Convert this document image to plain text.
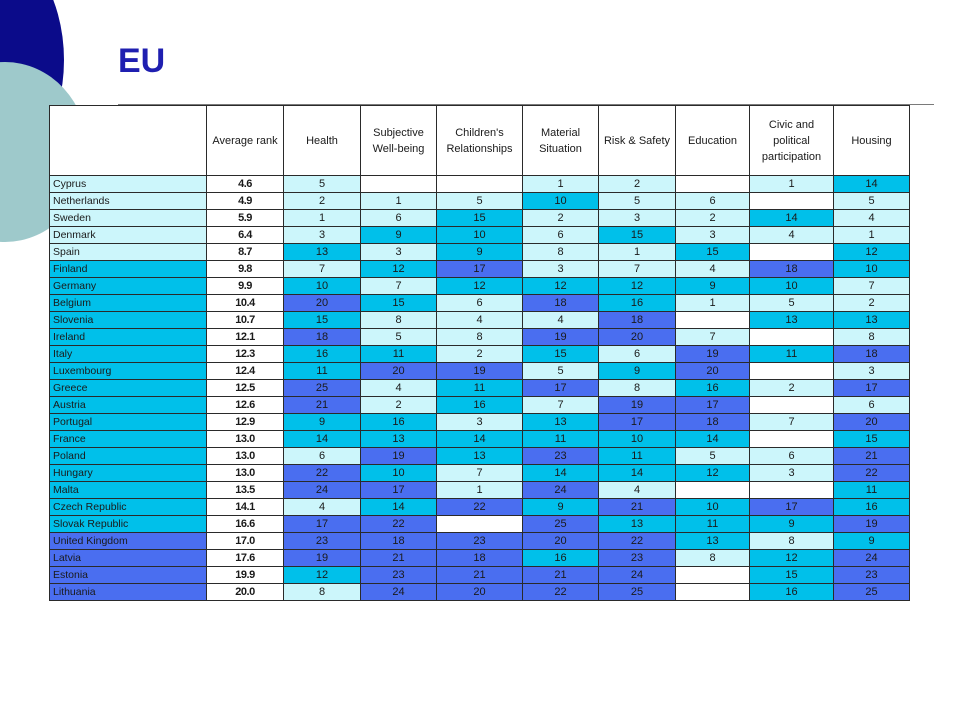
EU
	Average rank	Health	Subjective Well-being	Children's Relationships	Material Situation	Risk & Safety	Education	Civic and political participation	Housing
Cyprus	4.6	5			1	2		1	14
Netherlands	4.9	2	1	5	10	5	6		5
Sweden	5.9	1	6	15	2	3	2	14	4
Denmark	6.4	3	9	10	6	15	3	4	1
Spain	8.7	13	3	9	8	1	15		12
Finland	9.8	7	12	17	3	7	4	18	10
Germany	9.9	10	7	12	12	12	9	10	7
Belgium	10.4	20	15	6	18	16	1	5	2
Slovenia	10.7	15	8	4	4	18		13	13
Ireland	12.1	18	5	8	19	20	7		8
Italy	12.3	16	11	2	15	6	19	11	18
Luxembourg	12.4	11	20	19	5	9	20		3
Greece	12.5	25	4	11	17	8	16	2	17
Austria	12.6	21	2	16	7	19	17		6
Portugal	12.9	9	16	3	13	17	18	7	20
France	13.0	14	13	14	11	10	14		15
Poland	13.0	6	19	13	23	11	5	6	21
Hungary	13.0	22	10	7	14	14	12	3	22
Malta	13.5	24	17	1	24	4			11
Czech Republic	14.1	4	14	22	9	21	10	17	16
Slovak Republic	16.6	17	22		25	13	11	9	19
United Kingdom	17.0	23	18	23	20	22	13	8	9
Latvia	17.6	19	21	18	16	23	8	12	24
Estonia	19.9	12	23	21	21	24		15	23
Lithuania	20.0	8	24	20	22	25		16	25
